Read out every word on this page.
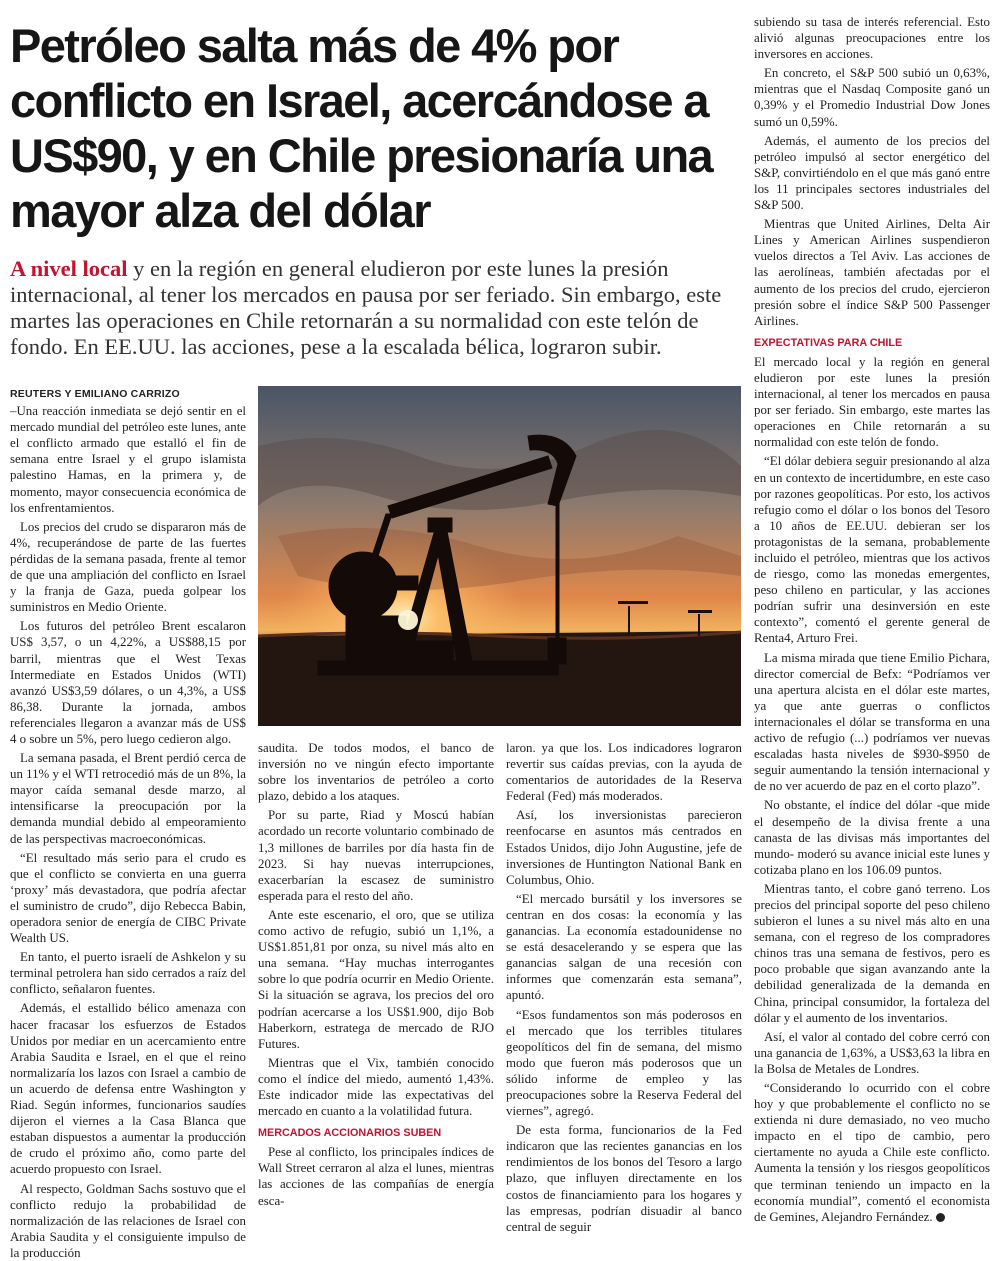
Petróleo salta más de 4% por conflicto en Israel, acercándose a US$90, y en Chile presionaría una mayor alza del dólar
A nivel local y en la región en general eludieron por este lunes la presión internacional, al tener los mercados en pausa por ser feriado. Sin embargo, este martes las operaciones en Chile retornarán a su normalidad con este telón de fondo. En EE.UU. las acciones, pese a la escalada bélica, lograron subir.
REUTERS Y EMILIANO CARRIZO

–Una reacción inmediata se dejó sentir en el mercado mundial del petróleo este lunes, ante el conflicto armado que estalló el fin de semana entre Israel y el grupo islamista palestino Hamas, en la primera y, de momento, mayor consecuencia económica de los enfrentamientos.

Los precios del crudo se dispararon más de 4%, recuperándose de parte de las fuertes pérdidas de la semana pasada, frente al temor de que una ampliación del conflicto en Israel y la franja de Gaza, pueda golpear los suministros en Medio Oriente.

Los futuros del petróleo Brent escalaron US$ 3,57, o un 4,22%, a US$88,15 por barril, mientras que el West Texas Intermediate en Estados Unidos (WTI) avanzó US$3,59 dólares, o un 4,3%, a US$ 86,38. Durante la jornada, ambos referenciales llegaron a avanzar más de US$ 4 o sobre un 5%, pero luego cedieron algo.

La semana pasada, el Brent perdió cerca de un 11% y el WTI retrocedió más de un 8%, la mayor caída semanal desde marzo, al intensificarse la preocupación por la demanda mundial debido al empeoramiento de las perspectivas macroeconómicas.

“El resultado más serio para el crudo es que el conflicto se convierta en una guerra ‘proxy’ más devastadora, que podría afectar el suministro de crudo”, dijo Rebecca Babin, operadora senior de energía de CIBC Private Wealth US.

En tanto, el puerto israelí de Ashkelon y su terminal petrolera han sido cerrados a raíz del conflicto, señalaron fuentes.

Además, el estallido bélico amenaza con hacer fracasar los esfuerzos de Estados Unidos por mediar en un acercamiento entre Arabia Saudita e Israel, en el que el reino normalizaría los lazos con Israel a cambio de un acuerdo de defensa entre Washington y Riad. Según informes, funcionarios saudíes dijeron el viernes a la Casa Blanca que estaban dispuestos a aumentar la producción de crudo el próximo año, como parte del acuerdo propuesto con Israel.

Al respecto, Goldman Sachs sostuvo que el conflicto redujo la probabilidad de normalización de las relaciones de Israel con Arabia Saudita y el consiguiente impulso de la producción

saudita. De todos modos, el banco de inversión no ve ningún efecto importante sobre los inventarios de petróleo a corto plazo, debido a los ataques.

Por su parte, Riad y Moscú habían acordado un recorte voluntario combinado de 1,3 millones de barriles por día hasta fin de 2023. Si hay nuevas interrupciones, exacerbarían la escasez de suministro esperada para el resto del año.

Ante este escenario, el oro, que se utiliza como activo de refugio, subió un 1,1%, a US$1.851,81 por onza, su nivel más alto en una semana. “Hay muchas interrogantes sobre lo que podría ocurrir en Medio Oriente. Si la situación se agrava, los precios del oro podrían acercarse a los US$1.900, dijo Bob Haberkorn, estratega de mercado de RJO Futures.

Mientras que el Vix, también conocido como el índice del miedo, aumentó 1,43%. Este indicador mide las expectativas del mercado en cuanto a la volatilidad futura.

MERCADOS ACCIONARIOS SUBEN

Pese al conflicto, los principales índices de Wall Street cerraron al alza el lunes, mientras las acciones de las compañías de energía esca-

laron. ya que los. Los indicadores lograron revertir sus caídas previas, con la ayuda de comentarios de autoridades de la Reserva Federal (Fed) más moderados.

Así, los inversionistas parecieron reenfocarse en asuntos más centrados en Estados Unidos, dijo John Augustine, jefe de inversiones de Huntington National Bank en Columbus, Ohio.

“El mercado bursátil y los inversores se centran en dos cosas: la economía y las ganancias. La economía estadounidense no se está desacelerando y se espera que las ganancias salgan de una recesión con informes que comenzarán esta semana”, apuntó.

“Esos fundamentos son más poderosos en el mercado que los terribles titulares geopolíticos del fin de semana, del mismo modo que fueron más poderosos que un sólido informe de empleo y las preocupaciones sobre la Reserva Federal del viernes”, agregó.

De esta forma, funcionarios de la Fed indicaron que las recientes ganancias en los rendimientos de los bonos del Tesoro a largo plazo, que influyen directamente en los costos de financiamiento para los hogares y las empresas, podrían disuadir al banco central de seguir

subiendo su tasa de interés referencial. Esto alivió algunas preocupaciones entre los inversores en acciones.

En concreto, el S&P 500 subió un 0,63%, mientras que el Nasdaq Composite ganó un 0,39% y el Promedio Industrial Dow Jones sumó un 0,59%.

Además, el aumento de los precios del petróleo impulsó al sector energético del S&P, convirtiéndolo en el que más ganó entre los 11 principales sectores industriales del S&P 500.

Mientras que United Airlines, Delta Air Lines y American Airlines suspendieron vuelos directos a Tel Aviv. Las acciones de las aerolíneas, también afectadas por el aumento de los precios del crudo, ejercieron presión sobre el índice S&P 500 Passenger Airlines.

EXPECTATIVAS PARA CHILE

El mercado local y la región en general eludieron por este lunes la presión internacional, al tener los mercados en pausa por ser feriado. Sin embargo, este martes las operaciones en Chile retornarán a su normalidad con este telón de fondo.

“El dólar debiera seguir presionando al alza en un contexto de incertidumbre, en este caso por razones geopolíticas. Por esto, los activos refugio como el dólar o los bonos del Tesoro a 10 años de EE.UU. debieran ser los protagonistas de la semana, probablemente incluido el petróleo, mientras que los activos de riesgo, como las monedas emergentes, peso chileno en particular, y las acciones podrían sufrir una desinversión en este contexto”, comentó el gerente general de Renta4, Arturo Frei.

La misma mirada que tiene Emilio Pichara, director comercial de Befx: “Podríamos ver una apertura alcista en el dólar este martes, ya que ante guerras o conflictos internacionales el dólar se transforma en una activo de refugio (...) podríamos ver nuevas escaladas hasta niveles de $930-$950 de seguir aumentando la tensión internacional y de no ver acuerdo de paz en el corto plazo”.

No obstante, el índice del dólar -que mide el desempeño de la divisa frente a una canasta de las divisas más importantes del mundo- moderó su avance inicial este lunes y cotizaba plano en los 106.09 puntos.

Mientras tanto, el cobre ganó terreno. Los precios del principal soporte del peso chileno subieron el lunes a su nivel más alto en una semana, con el regreso de los compradores chinos tras una semana de festivos, pero es poco probable que sigan avanzando ante la debilidad generalizada de la demanda en China, principal consumidor, la fortaleza del dólar y el aumento de los inventarios.

Así, el valor al contado del cobre cerró con una ganancia de 1,63%, a US$3,63 la libra en la Bolsa de Metales de Londres.

“Considerando lo ocurrido con el cobre hoy y que probablemente el conflicto no se extienda ni dure demasiado, no veo mucho impacto en el tipo de cambio, pero ciertamente no ayuda a Chile este conflicto. Aumenta la tensión y los riesgos geopolíticos que terminan teniendo un impacto en la economía mundial”, comentó el economista de Gemines, Alejandro Fernández.
